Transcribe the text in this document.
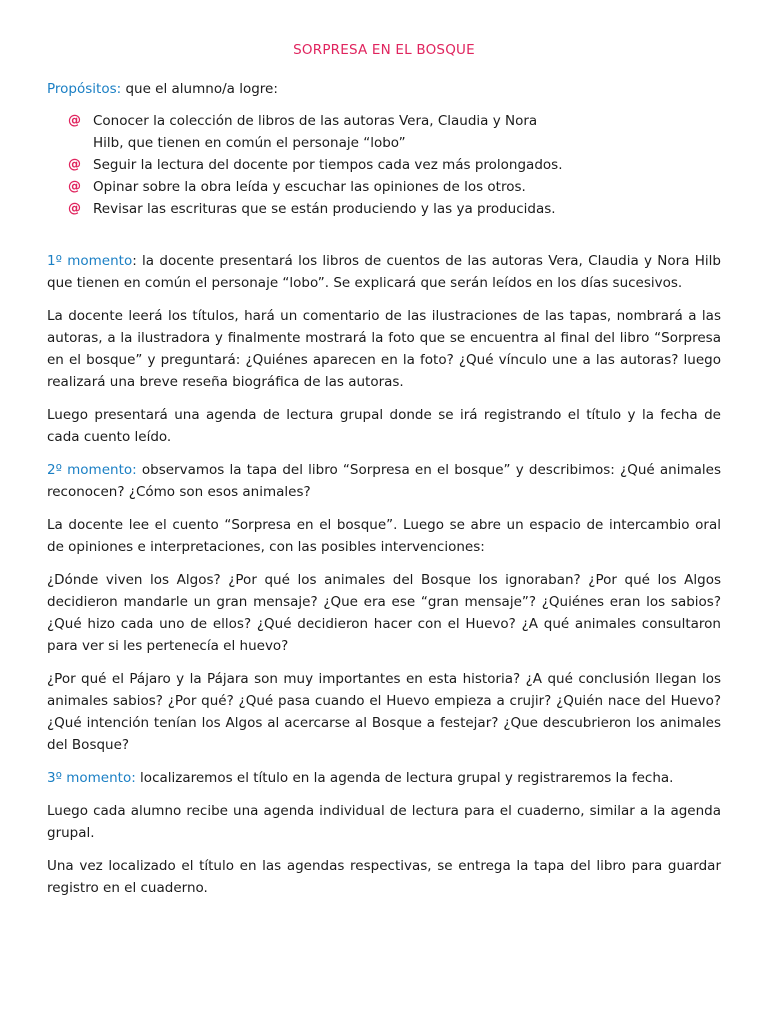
SORPRESA EN EL BOSQUE
Propósitos: que el alumno/a logre:
@ Conocer la colección de libros de las autoras Vera, Claudia y Nora Hilb, que tienen en común el personaje “lobo”
@ Seguir la lectura del docente por tiempos cada vez más prolongados.
@ Opinar sobre la obra leída y escuchar las opiniones de los otros.
@ Revisar las escrituras que se están produciendo y las ya producidas.

1º momento: la docente presentará los libros de cuentos de las autoras Vera, Claudia y Nora Hilb que tienen en común el personaje “lobo”. Se explicará que serán leídos en los días sucesivos.

La docente leerá los títulos, hará un comentario de las ilustraciones de las tapas, nombrará a las autoras, a la ilustradora y finalmente mostrará la foto que se encuentra al final del libro “Sorpresa en el bosque” y preguntará: ¿Quiénes aparecen en la foto? ¿Qué vínculo une a las autoras? luego realizará una breve reseña biográfica de las autoras.

Luego presentará una agenda de lectura grupal donde se irá registrando el título y la fecha de cada cuento leído.

2º momento: observamos la tapa del libro “Sorpresa en el bosque” y describimos: ¿Qué animales reconocen? ¿Cómo son esos animales?

La docente lee el cuento “Sorpresa en el bosque”. Luego se abre un espacio de intercambio oral de opiniones e interpretaciones, con las posibles intervenciones:

¿Dónde viven los Algos? ¿Por qué los animales del Bosque los ignoraban? ¿Por qué los Algos decidieron mandarle un gran mensaje? ¿Que era ese “gran mensaje”? ¿Quiénes eran los sabios? ¿Qué hizo cada uno de ellos? ¿Qué decidieron hacer con el Huevo? ¿A qué animales consultaron para ver si les pertenecía el huevo?

¿Por qué el Pájaro y la Pájara son muy importantes en esta historia? ¿A qué conclusión llegan los animales sabios? ¿Por qué? ¿Qué pasa cuando el Huevo empieza a crujir? ¿Quién nace del Huevo? ¿Qué intención tenían los Algos al acercarse al Bosque a festejar? ¿Que descubrieron los animales del Bosque?

3º momento: localizaremos el título en la agenda de lectura grupal y registraremos la fecha.

Luego cada alumno recibe una agenda individual de lectura para el cuaderno, similar a la agenda grupal.

Una vez localizado el título en las agendas respectivas, se entrega la tapa del libro para guardar registro en el cuaderno.
